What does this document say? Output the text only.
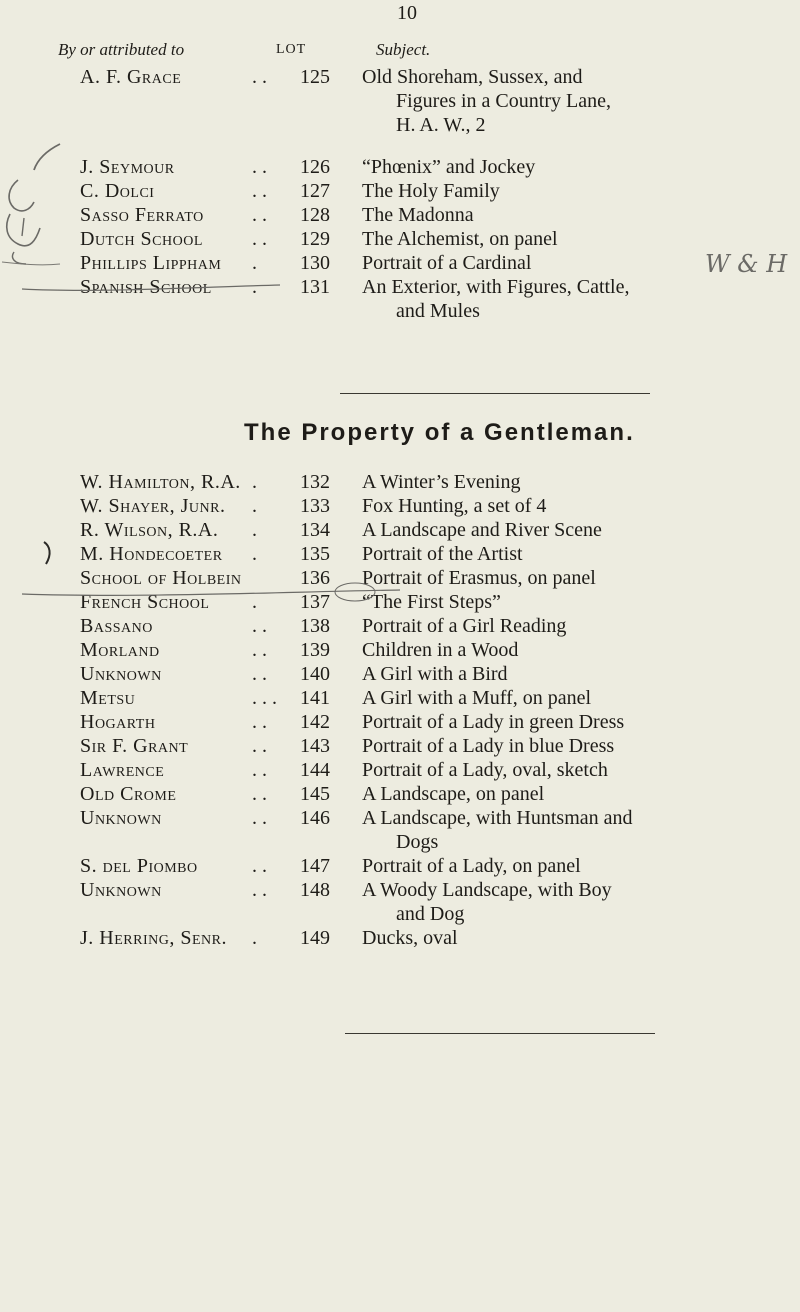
10
By or attributed to	LOT	Subject.
A. F. Grace	. . 125 Old Shoreham, Sussex, and
Figures in a Country Lane,
H. A. W., 2
J. Seymour	. . 126 “Phœnix” and Jockey
C. Dolci	. . 127 The Holy Family
Sasso Ferrato . . 128 The Madonna
Dutch School . . 129 The Alchemist, on panel
Phillips Lippham . 130 Portrait of a Cardinal
Spanish School . 131 An Exterior, with Figures, Cattle,
and Mules
W & H
The Property of a Gentleman.
W. Hamilton, R.A. . 132 A Winter’s Evening
W. Shayer, Junr. . 133 Fox Hunting, a set of 4
R. Wilson, R.A. . 134 A Landscape and River Scene
M. Hondecoeter . 135 Portrait of the Artist
School of Holbein	136 Portrait of Erasmus, on panel
French School . 137 “The First Steps”
Bassano	. . 138 Portrait of a Girl Reading
Morland	. . 139 Children in a Wood
Unknown	. . 140 A Girl with a Bird
Metsu	. . . 141 A Girl with a Muff, on panel
Hogarth	. . 142 Portrait of a Lady in green Dress
Sir F. Grant	. . 143 Portrait of a Lady in blue Dress
Lawrence	. . 144 Portrait of a Lady, oval, sketch
Old Crome	. . 145 A Landscape, on panel
Unknown	. . 146 A Landscape, with Huntsman and
Dogs
S. del Piombo	. . 147 Portrait of a Lady, on panel
Unknown	. . 148 A Woody Landscape, with Boy
and Dog
J. Herring, Senr. . 149 Ducks, oval
